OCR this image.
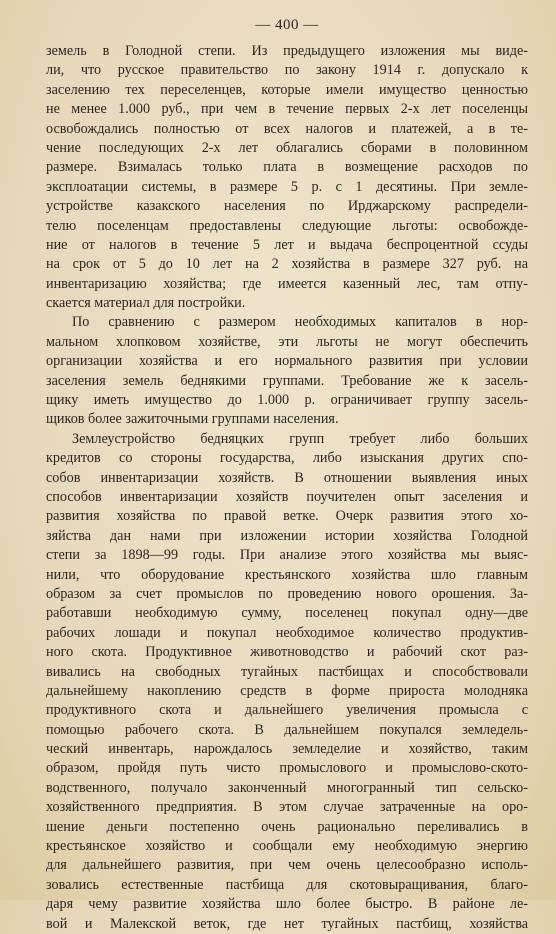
— 400 —
земель в Голодной степи. Из предыдущего изложения мы виде-
ли, что русское правительство по закону 1914 г. допускало к
заселению тех переселенцев, которые имели имущество ценностью
не менее 1.000 руб., при чем в течение первых 2-х лет поселенцы
освобождались полностью от всех налогов и платежей, а в те-
чение последующих 2-х лет облагались сборами в половинном
размере. Взималась только плата в возмещение расходов по
эксплоатации системы, в размере 5 р. с 1 десятины. При земле-
устройстве казакского населения по Ирджарскому распредели-
телю поселенцам предоставлены следующие льготы: освобожде-
ние от налогов в течение 5 лет и выдача беспроцентной ссуды
на срок от 5 до 10 лет на 2 хозяйства в размере 327 руб. на
инвентаризацию хозяйства; где имеется казенный лес, там отпу-
скается материал для постройки.
По сравнению с размером необходимых капиталов в нор-
мальном хлопковом хозяйстве, эти льготы не могут обеспечить
организации хозяйства и его нормального развития при условии
заселения земель беднякими группами. Требование же к засель-
щику иметь имущество до 1.000 р. ограничивает группу засель-
щиков более зажиточными группами населения.
Землеустройство бедняцких групп требует либо больших
кредитов со стороны государства, либо изыскания других спо-
собов инвентаризации хозяйств. В отношении выявления иных
способов инвентаризации хозяйств поучителен опыт заселения и
развития хозяйства по правой ветке. Очерк развития этого хо-
зяйства дан нами при изложении истории хозяйства Голодной
степи за 1898—99 годы. При анализе этого хозяйства мы выяс-
нили, что оборудование крестьянского хозяйства шло главным
образом за счет промыслов по проведению нового орошения. За-
работавши необходимую сумму, поселенец покупал одну—две
рабочих лошади и покупал необходимое количество продуктив-
ного скота. Продуктивное животноводство и рабочий скот раз-
вивались на свободных тугайных пастбищах и способствовали
дальнейшему накоплению средств в форме прироста молодняка
продуктивного скота и дальнейшего увеличения промысла с
помощью рабочего скота. В дальнейшем покупался земледель-
ческий инвентарь, нарождалось земледелие и хозяйство, таким
образом, пройдя путь чисто промыслового и промыслово-ското-
водственного, получало законченный многогранный тип сельско-
хозяйственного предприятия. В этом случае затраченные на оро-
шение деньги постепенно очень рационально переливались в
крестьянское хозяйство и сообщали ему необходимую энергию
для дальнейшего развития, при чем очень целесообразно исполь-
зовались естественные пастбища для скотовыращивания, благо-
даря чему развитие хозяйства шло более быстро. В районе ле-
вой и Малекской веток, где нет тугайных пастбищ, хозяйства
